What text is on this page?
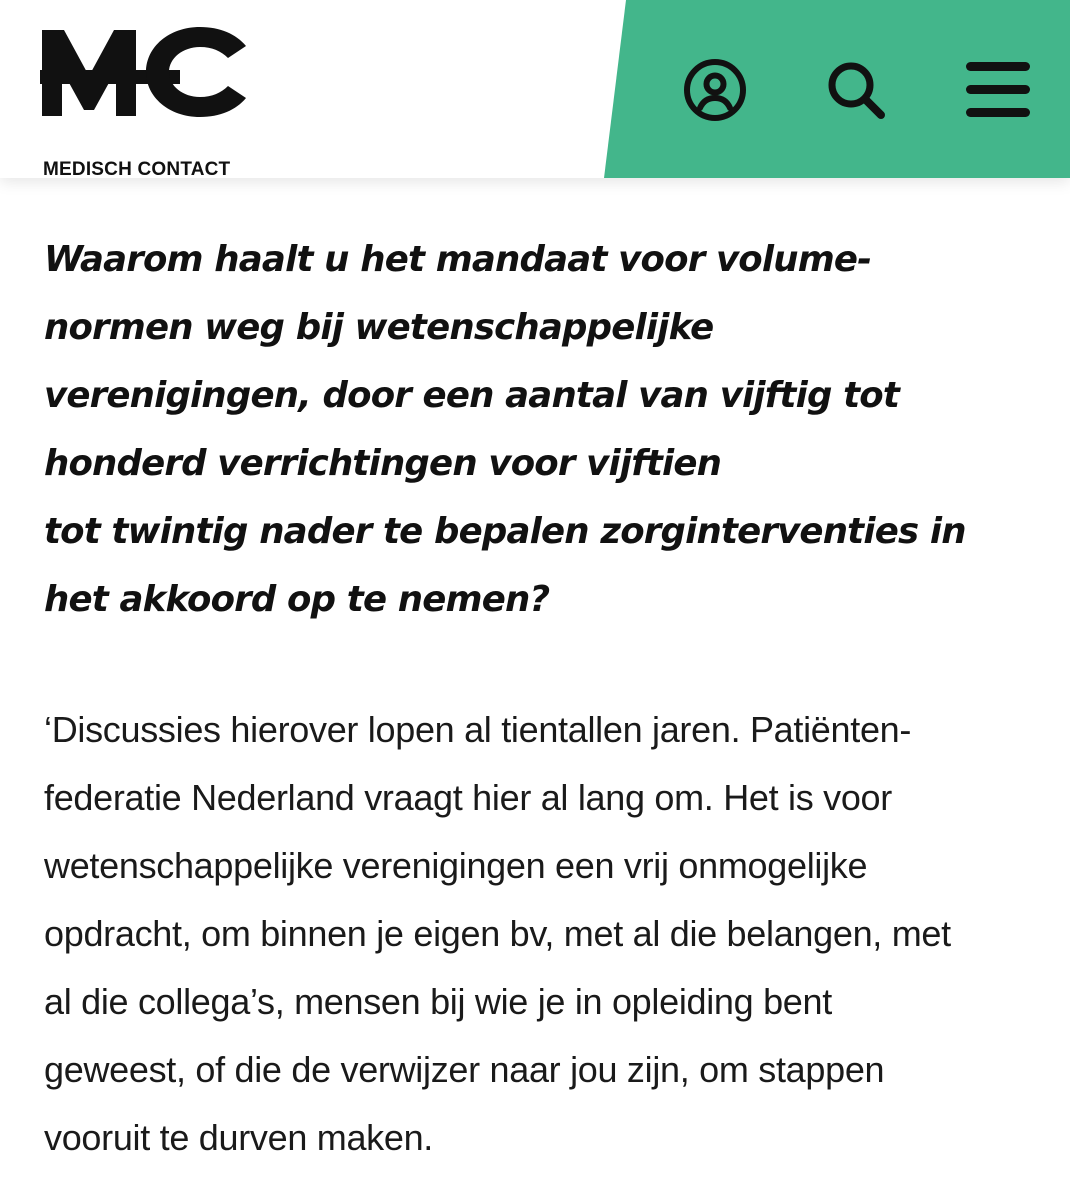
MEDISCH CONTACT
Waarom haalt u het mandaat voor volume-
normen weg bij wetenschappelijke
verenigingen, door een aantal van vijftig tot
honderd verrichtingen voor vijftien
tot twintig nader te bepalen zorginterventies in
het akkoord op te nemen?

‘Discussies hierover lopen al tientallen jaren. Patiënten-
federatie Nederland vraagt hier al lang om. Het is voor
wetenschappelijke verenigingen een vrij onmogelijke
opdracht, om binnen je eigen bv, met al die belangen, met
al die collega’s, mensen bij wie je in opleiding bent
geweest, of die de verwijzer naar jou zijn, om stappen
vooruit te durven maken.
